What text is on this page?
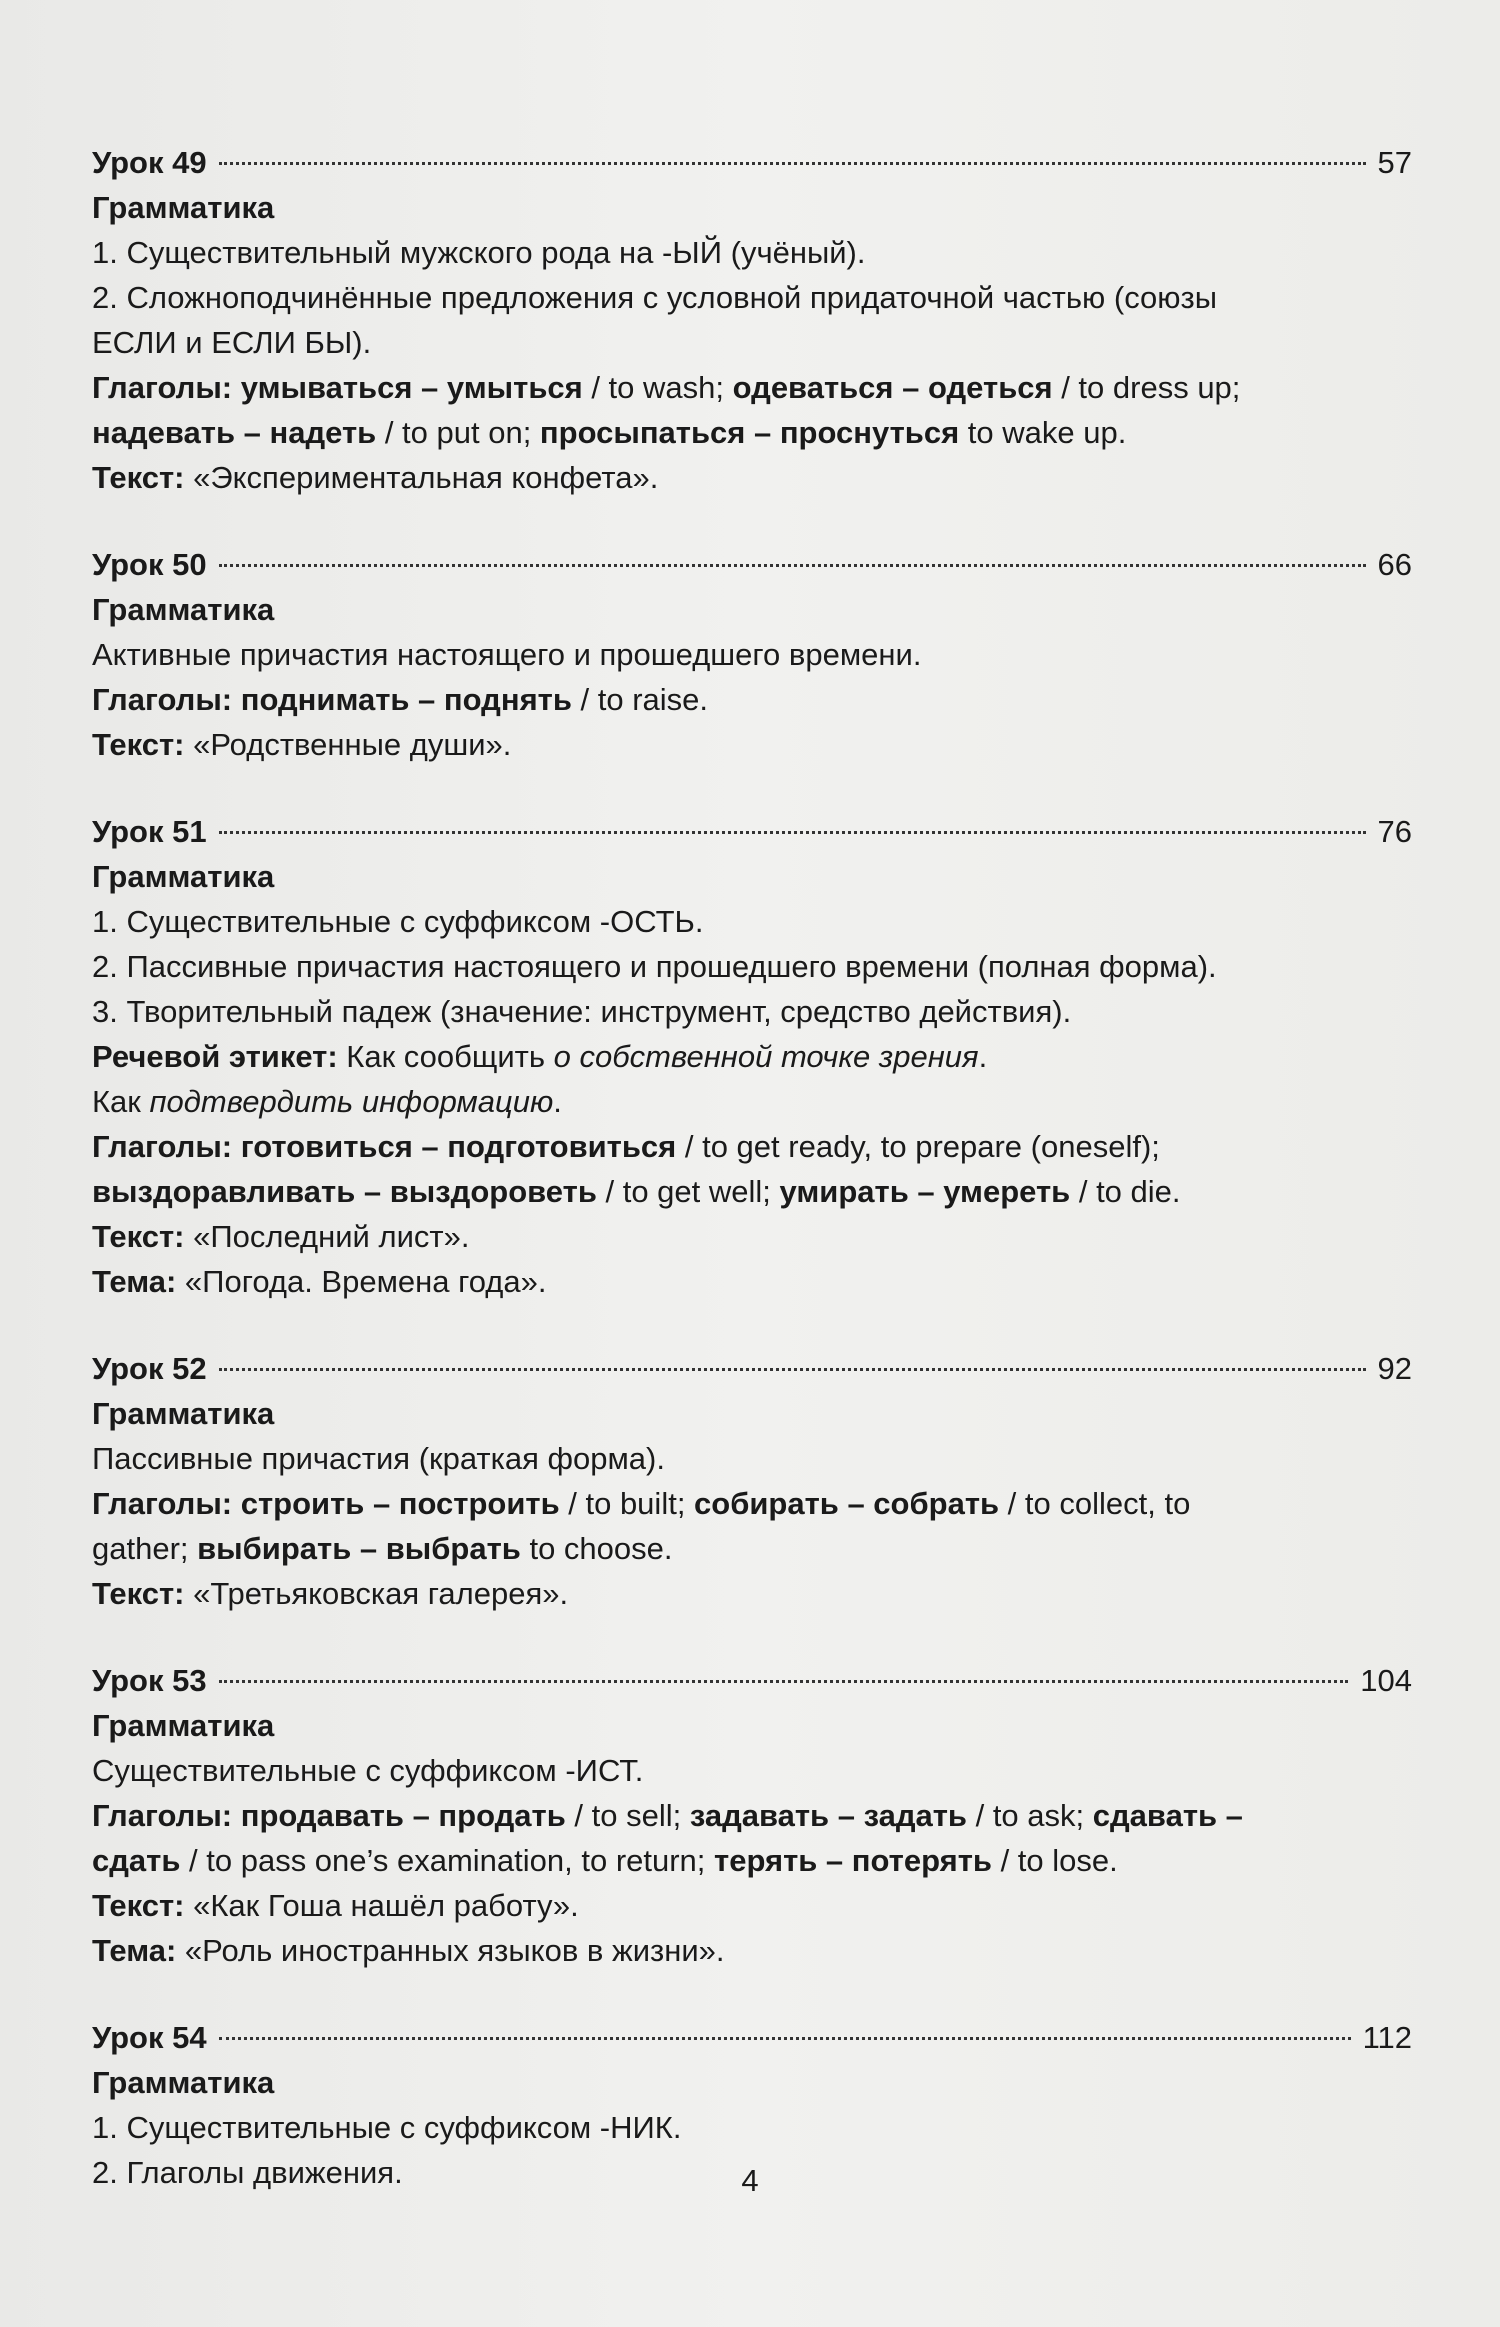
Урок 49	57
Грамматика
1. Существительный мужского рода на -ЫЙ (учёный).
2. Сложноподчинённые предложения с условной придаточной частью (союзы
ЕСЛИ и ЕСЛИ БЫ).
Глаголы: умываться – умыться / to wash; одеваться – одеться / to dress up;
надевать – надеть / to put on; просыпаться – проснуться to wake up.
Текст: «Экспериментальная конфета».
Урок 50	66
Грамматика
Активные причастия настоящего и прошедшего времени.
Глаголы: поднимать – поднять / to raise.
Текст: «Родственные души».
Урок 51	76
Грамматика
1. Существительные с суффиксом -ОСТЬ.
2. Пассивные причастия настоящего и прошедшего времени (полная форма).
3. Творительный падеж (значение: инструмент, средство действия).
Речевой этикет: Как сообщить о собственной точке зрения.
Как подтвердить информацию.
Глаголы: готовиться – подготовиться / to get ready, to prepare (oneself);
выздоравливать – выздороветь / to get well; умирать – умереть / to die.
Текст: «Последний лист».
Тема: «Погода. Времена года».
Урок 52	92
Грамматика
Пассивные причастия (краткая форма).
Глаголы: строить – построить / to built; собирать – собрать / to collect, to
gather; выбирать – выбрать to choose.
Текст: «Третьяковская галерея».
Урок 53	104
Грамматика
Существительные с суффиксом -ИСТ.
Глаголы: продавать – продать / to sell; задавать – задать / to ask; сдавать –
сдать / to pass one’s examination, to return; терять – потерять / to lose.
Текст: «Как Гоша нашёл работу».
Тема: «Роль иностранных языков в жизни».
Урок 54	112
Грамматика
1. Существительные с суффиксом -НИК.
2. Глаголы движения.	4
